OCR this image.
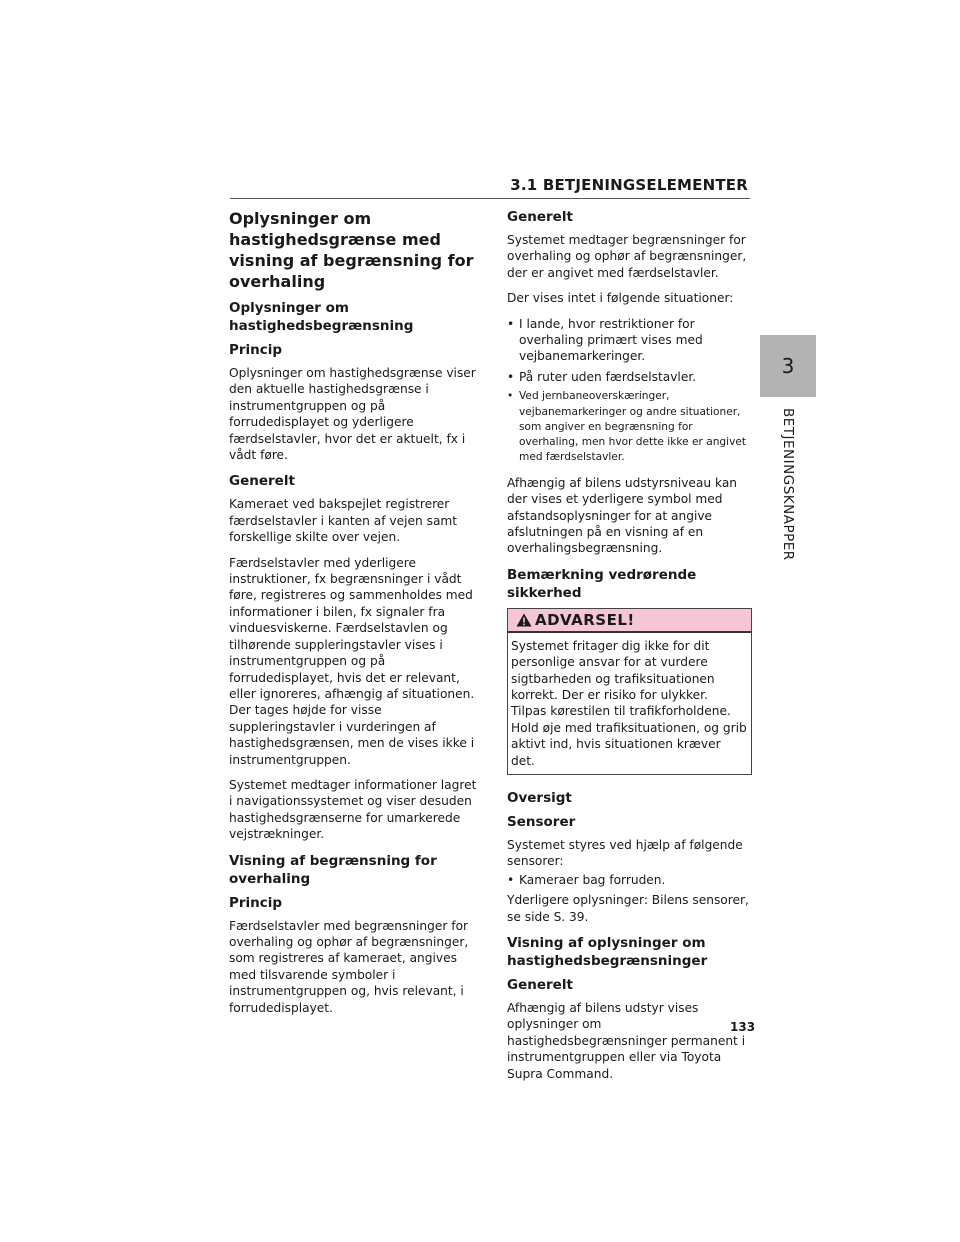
3.1 BETJENINGSELEMENTER
3
BETJENINGSKNAPPER
Oplysninger om hastighedsgrænse med visning af begrænsning for overhaling
Oplysninger om hastighedsbegrænsning
Princip
Oplysninger om hastighedsgrænse viser den aktuelle hastighedsgrænse i instrumentgruppen og på forrudedisplayet og yderligere færdselstavler, hvor det er aktuelt, fx i vådt føre.
Generelt
Kameraet ved bakspejlet registrerer færdselstavler i kanten af vejen samt forskellige skilte over vejen.
Færdselstavler med yderligere instruktioner, fx begrænsninger i vådt føre, registreres og sammenholdes med informationer i bilen, fx signaler fra vinduesviskerne. Færdselstavlen og tilhørende suppleringstavler vises i instrumentgruppen og på forrudedisplayet, hvis det er relevant, eller ignoreres, afhængig af situationen. Der tages højde for visse suppleringstavler i vurderingen af hastighedsgrænsen, men de vises ikke i instrumentgruppen.
Systemet medtager informationer lagret i navigationssystemet og viser desuden hastighedsgrænserne for umarkerede vejstrækninger.
Visning af begrænsning for overhaling
Princip
Færdselstavler med begrænsninger for overhaling og ophør af begrænsninger, som registreres af kameraet, angives med tilsvarende symboler i instrumentgruppen og, hvis relevant, i forrudedisplayet.
Generelt
Systemet medtager begrænsninger for overhaling og ophør af begrænsninger, der er angivet med færdselstavler.
Der vises intet i følgende situationer:
• I lande, hvor restriktioner for overhaling primært vises med vejbanemarkeringer.
• På ruter uden færdselstavler.
• Ved jernbaneoverskæringer, vejbanemarkeringer og andre situationer, som angiver en begrænsning for overhaling, men hvor dette ikke er angivet med færdselstavler.
Afhængig af bilens udstyrsniveau kan der vises et yderligere symbol med afstandsoplysninger for at angive afslutningen på en visning af en overhalingsbegrænsning.
Bemærkning vedrørende sikkerhed
ADVARSEL!
Systemet fritager dig ikke for dit personlige ansvar for at vurdere sigtbarheden og trafiksituationen korrekt. Der er risiko for ulykker. Tilpas kørestilen til trafikforholdene. Hold øje med trafiksituationen, og grib aktivt ind, hvis situationen kræver det.
Oversigt
Sensorer
Systemet styres ved hjælp af følgende sensorer:
• Kameraer bag forruden.
Yderligere oplysninger: Bilens sensorer, se side S. 39.
Visning af oplysninger om hastighedsbegrænsninger
Generelt
Afhængig af bilens udstyr vises oplysninger om hastighedsbegrænsninger permanent i instrumentgruppen eller via Toyota Supra Command.
133
